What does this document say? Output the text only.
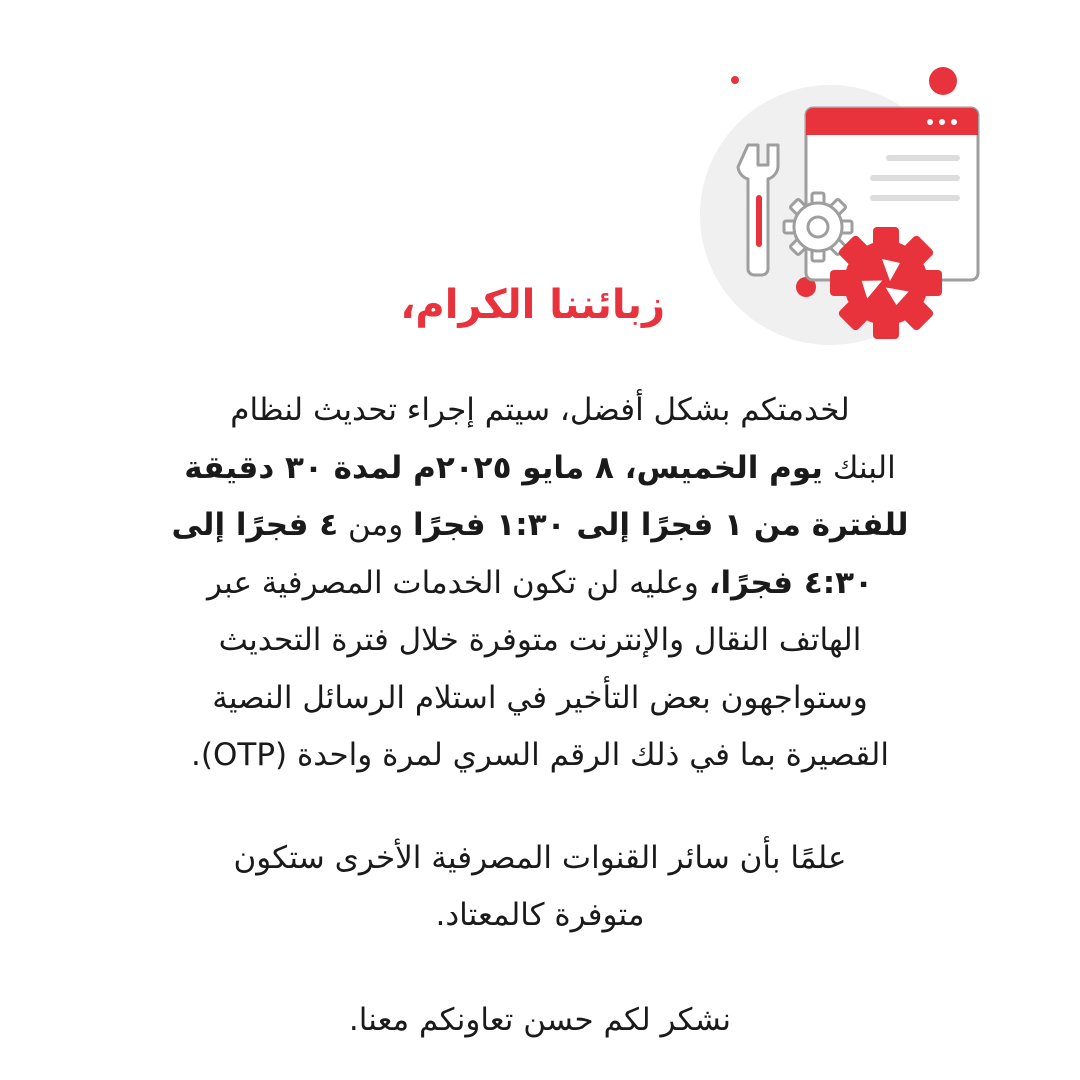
زبائننا الكرام،

لخدمتكم بشكل أفضل، سيتم إجراء تحديث لنظام
البنك يوم الخميس، ٨ مايو ٢٠٢٥م لمدة ٣٠ دقيقة
للفترة من ١ فجرًا إلى ١:٣٠ فجرًا ومن ٤ فجرًا إلى
٤:٣٠ فجرًا، وعليه لن تكون الخدمات المصرفية عبر
الهاتف النقال والإنترنت متوفرة خلال فترة التحديث
وستواجهون بعض التأخير في استلام الرسائل النصية
القصيرة بما في ذلك الرقم السري لمرة واحدة (OTP).

علمًا بأن سائر القنوات المصرفية الأخرى ستكون
متوفرة كالمعتاد.

نشكر لكم حسن تعاونكم معنا.
